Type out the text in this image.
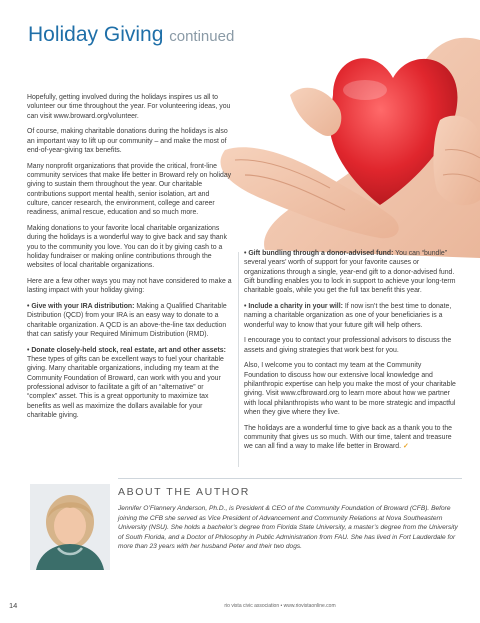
Holiday Giving continued

Hopefully, getting involved during the holidays inspires us all to volunteer our time throughout the year. For volunteering ideas, you can visit www.broward.org/volunteer.

Of course, making charitable donations during the holidays is also an important way to lift up our community – and make the most of end-of-year-giving tax benefits.

Many nonprofit organizations that provide the critical, front-line community services that make life better in Broward rely on holiday giving to sustain them throughout the year. Our charitable contributions support mental health, senior isolation, art and culture, cancer research, the environment, college and career readiness, animal rescue, education and so much more.

Making donations to your favorite local charitable organizations during the holidays is a wonderful way to give back and say thank you to the community you love. You can do it by giving cash to a holiday fundraiser or making online contributions through the websites of local charitable organizations.

Here are a few other ways you may not have considered to make a lasting impact with your holiday giving:

• Give with your IRA distribution: Making a Qualified Charitable Distribution (QCD) from your IRA is an easy way to donate to a charitable organization. A QCD is an above-the-line tax deduction that can satisfy your Required Minimum Distribution (RMD).

• Donate closely-held stock, real estate, art and other assets: These types of gifts can be excellent ways to fuel your charitable giving. Many charitable organizations, including my team at the Community Foundation of Broward, can work with you and your professional advisor to facilitate a gift of an “alternative” or “complex” asset. This is a great opportunity to maximize tax benefits as well as maximize the dollars available for your charitable giving.

• Gift bundling through a donor-advised fund: You can “bundle” several years’ worth of support for your favorite causes or organizations through a single, year-end gift to a donor-advised fund. Gift bundling enables you to lock in support to achieve your long-term charitable goals, while you get the full tax benefit this year.

• Include a charity in your will: If now isn’t the best time to donate, naming a charitable organization as one of your beneficiaries is a wonderful way to know that your future gift will help others.

I encourage you to contact your professional advisors to discuss the assets and giving strategies that work best for you.

Also, I welcome you to contact my team at the Community Foundation to discuss how our extensive local knowledge and philanthropic expertise can help you make the most of your charitable giving. Visit www.cfbroward.org to learn more about how we partner with local philanthropists who want to be more strategic and impactful when they give where they live.

The holidays are a wonderful time to give back as a thank you to the community that gives us so much. With our time, talent and treasure we can all find a way to make life better in Broward. ✓

ABOUT THE AUTHOR
Jennifer O’Flannery Anderson, Ph.D., is President & CEO of the Community Foundation of Broward (CFB). Before joining the CFB she served as Vice President of Advancement and Community Relations at Nova Southeastern University (NSU). She holds a bachelor’s degree from Florida State University, a master’s degree from the University of South Florida, and a Doctor of Philosophy in Public Administration from FAU. She has lived in Fort Lauderdale for more than 23 years with her husband Peter and their two dogs.
14	rio vista civic association • www.riovistaonline.com
